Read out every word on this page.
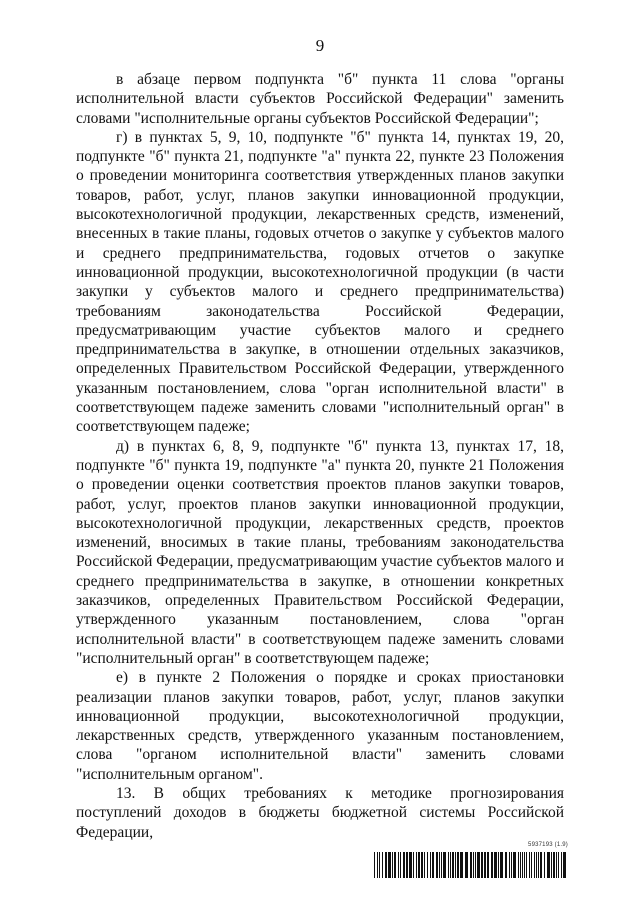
9

в абзаце первом подпункта "б" пункта 11 слова "органы исполнительной власти субъектов Российской Федерации" заменить словами "исполнительные органы субъектов Российской Федерации";

г) в пунктах 5, 9, 10, подпункте "б" пункта 14, пунктах 19, 20, подпункте "б" пункта 21, подпункте "а" пункта 22, пункте 23 Положения о проведении мониторинга соответствия утвержденных планов закупки товаров, работ, услуг, планов закупки инновационной продукции, высокотехнологичной продукции, лекарственных средств, изменений, внесенных в такие планы, годовых отчетов о закупке у субъектов малого и среднего предпринимательства, годовых отчетов о закупке инновационной продукции, высокотехнологичной продукции (в части закупки у субъектов малого и среднего предпринимательства) требованиям законодательства Российской Федерации, предусматривающим участие субъектов малого и среднего предпринимательства в закупке, в отношении отдельных заказчиков, определенных Правительством Российской Федерации, утвержденного указанным постановлением, слова "орган исполнительной власти" в соответствующем падеже заменить словами "исполнительный орган" в соответствующем падеже;

д) в пунктах 6, 8, 9, подпункте "б" пункта 13, пунктах 17, 18, подпункте "б" пункта 19, подпункте "а" пункта 20, пункте 21 Положения о проведении оценки соответствия проектов планов закупки товаров, работ, услуг, проектов планов закупки инновационной продукции, высокотехнологичной продукции, лекарственных средств, проектов изменений, вносимых в такие планы, требованиям законодательства Российской Федерации, предусматривающим участие субъектов малого и среднего предпринимательства в закупке, в отношении конкретных заказчиков, определенных Правительством Российской Федерации, утвержденного указанным постановлением, слова "орган исполнительной власти" в соответствующем падеже заменить словами "исполнительный орган" в соответствующем падеже;

е) в пункте 2 Положения о порядке и сроках приостановки реализации планов закупки товаров, работ, услуг, планов закупки инновационной продукции, высокотехнологичной продукции, лекарственных средств, утвержденного указанным постановлением, слова "органом исполнительной власти" заменить словами "исполнительным органом".

13. В общих требованиях к методике прогнозирования поступлений доходов в бюджеты бюджетной системы Российской Федерации,

5937193 (1.9)
